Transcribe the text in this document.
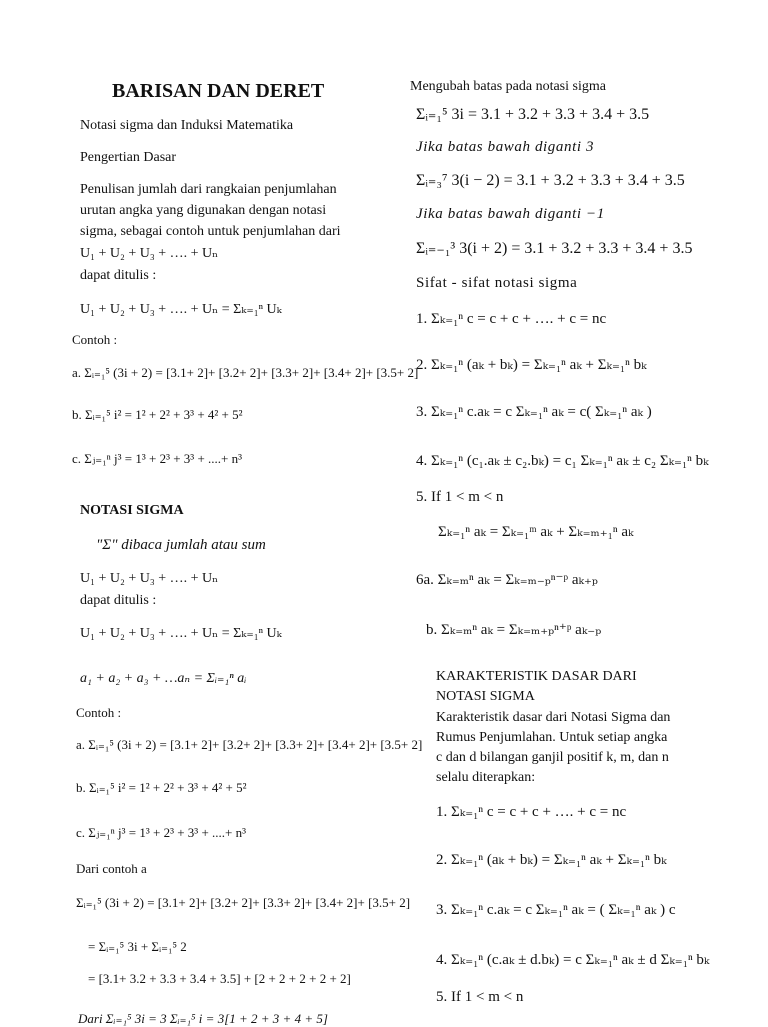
BARISAN DAN DERET
Notasi sigma dan Induksi Matematika
Pengertian Dasar
Penulisan jumlah dari rangkaian penjumlahan
urutan angka yang digunakan dengan notasi
sigma, sebagai contoh untuk penjumlahan dari
U₁ + U₂ + U₃ + …. + Uₙ
dapat ditulis :
U₁ + U₂ + U₃ + …. + Uₙ = Σₖ₌₁ⁿ Uₖ
Contoh :
a. Σᵢ₌₁⁵ (3i + 2) = [3.1+ 2]+ [3.2+ 2]+ [3.3+ 2]+ [3.4+ 2]+ [3.5+ 2]
b. Σᵢ₌₁⁵ i² = 1² + 2² + 3³ + 4² + 5²
c. Σⱼ₌₁ⁿ j³ = 1³ + 2³ + 3³ + ....+ n³
NOTASI SIGMA
"Σ" dibaca jumlah atau sum
U₁ + U₂ + U₃ + …. + Uₙ
dapat ditulis :
U₁ + U₂ + U₃ + …. + Uₙ = Σₖ₌₁ⁿ Uₖ
a₁ + a₂ + a₃ + …aₙ = Σᵢ₌₁ⁿ aᵢ
Contoh :
a. Σᵢ₌₁⁵ (3i + 2) = [3.1+ 2]+ [3.2+ 2]+ [3.3+ 2]+ [3.4+ 2]+ [3.5+ 2]
b. Σᵢ₌₁⁵ i² = 1² + 2² + 3³ + 4² + 5²
c. Σⱼ₌₁ⁿ j³ = 1³ + 2³ + 3³ + ....+ n³
Dari contoh a
Σᵢ₌₁⁵ (3i + 2) = [3.1+ 2]+ [3.2+ 2]+ [3.3+ 2]+ [3.4+ 2]+ [3.5+ 2]
= Σᵢ₌₁⁵ 3i + Σᵢ₌₁⁵ 2
= [3.1+ 3.2 + 3.3 + 3.4 + 3.5] + [2 + 2 + 2 + 2 + 2]
Dari Σᵢ₌₁⁵ 3i = 3 Σᵢ₌₁⁵ i = 3[1 + 2 + 3 + 4 + 5]
Mengubah batas pada notasi sigma
Σᵢ₌₁⁵ 3i = 3.1 + 3.2 + 3.3 + 3.4 + 3.5
Jika batas bawah diganti 3
Σᵢ₌₃⁷ 3(i − 2) = 3.1 + 3.2 + 3.3 + 3.4 + 3.5
Jika batas bawah diganti −1
Σᵢ₌₋₁³ 3(i + 2) = 3.1 + 3.2 + 3.3 + 3.4 + 3.5
Sifat - sifat notasi sigma
1. Σₖ₌₁ⁿ c = c + c + …. + c = nc
2. Σₖ₌₁ⁿ (aₖ + bₖ) = Σₖ₌₁ⁿ aₖ + Σₖ₌₁ⁿ bₖ
3. Σₖ₌₁ⁿ c.aₖ = c Σₖ₌₁ⁿ aₖ = c( Σₖ₌₁ⁿ aₖ )
4. Σₖ₌₁ⁿ (c₁.aₖ ± c₂.bₖ) = c₁ Σₖ₌₁ⁿ aₖ ± c₂ Σₖ₌₁ⁿ bₖ
5. If 1 < m < n
Σₖ₌₁ⁿ aₖ = Σₖ₌₁ᵐ aₖ + Σₖ₌ₘ₊₁ⁿ aₖ
6a. Σₖ₌ₘⁿ aₖ = Σₖ₌ₘ₋ₚⁿ⁻ᵖ aₖ₊ₚ
b. Σₖ₌ₘⁿ aₖ = Σₖ₌ₘ₊ₚⁿ⁺ᵖ aₖ₋ₚ
KARAKTERISTIK DASAR DARI
NOTASI SIGMA
Karakteristik dasar dari Notasi Sigma dan
Rumus Penjumlahan. Untuk setiap angka
c dan d bilangan ganjil positif k, m, dan n
selalu diterapkan:
1. Σₖ₌₁ⁿ c = c + c + …. + c = nc
2. Σₖ₌₁ⁿ (aₖ + bₖ) = Σₖ₌₁ⁿ aₖ + Σₖ₌₁ⁿ bₖ
3. Σₖ₌₁ⁿ c.aₖ = c Σₖ₌₁ⁿ aₖ = ( Σₖ₌₁ⁿ aₖ ) c
4. Σₖ₌₁ⁿ (c.aₖ ± d.bₖ) = c Σₖ₌₁ⁿ aₖ ± d Σₖ₌₁ⁿ bₖ
5. If 1 < m < n
